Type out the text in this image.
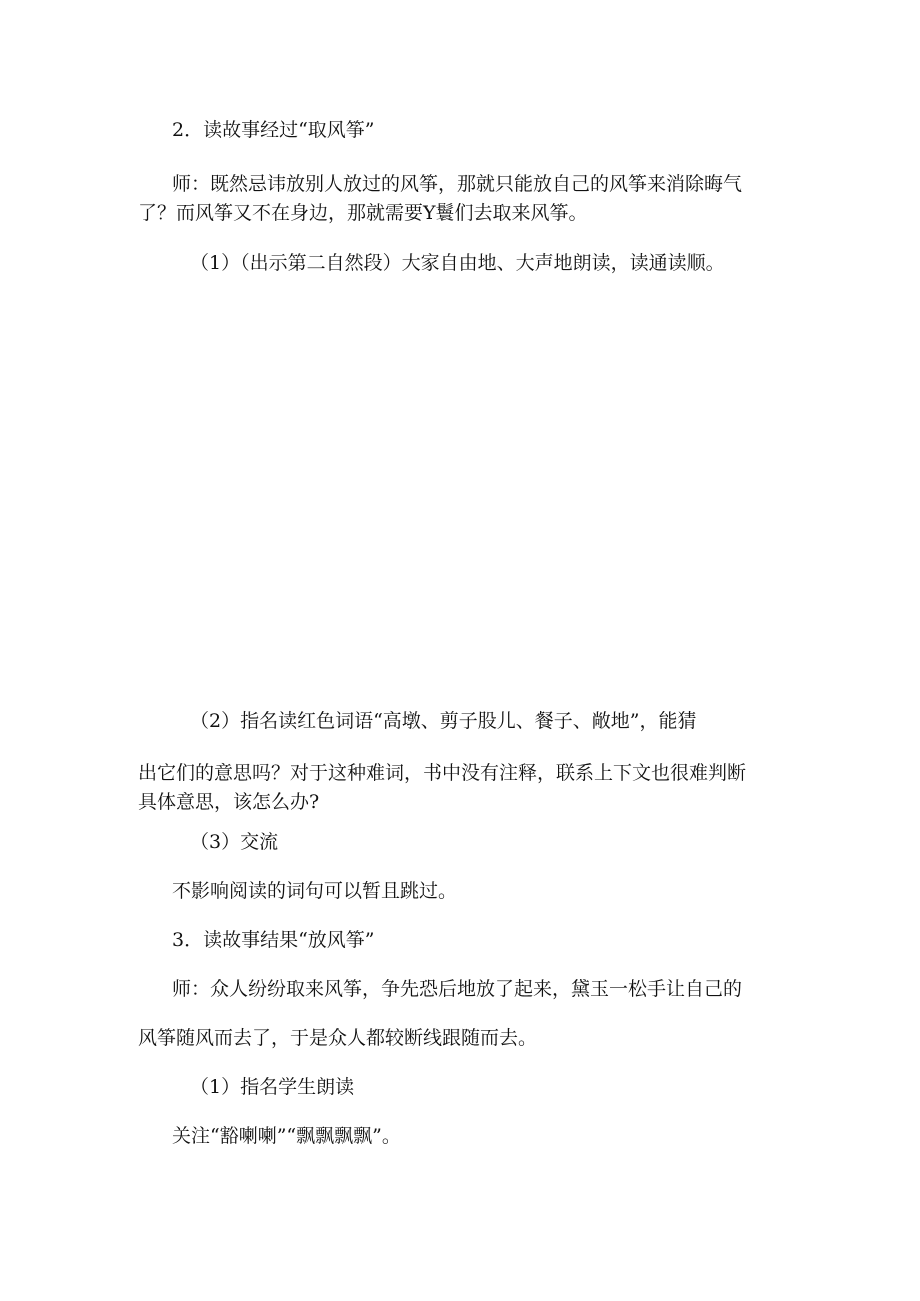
2．读故事经过“取风筝”

师：既然忌讳放别人放过的风筝，那就只能放自己的风筝来消除晦气

了？而风筝又不在身边，那就需要Y鬟们去取来风筝。

（1）（出示第二自然段）大家自由地、大声地朗读，读通读顺。

（2）指名读红色词语“高墩、剪子股儿、餐子、敞地”，能猜

出它们的意思吗？对于这种难词，书中没有注释，联系上下文也很难判断

具体意思，该怎么办?

（3）交流

不影响阅读的词句可以暂且跳过。

3．读故事结果“放风筝”

师：众人纷纷取来风筝，争先恐后地放了起来，黛玉一松手让自己的

风筝随风而去了，于是众人都较断线跟随而去。

（1）指名学生朗读

关注“豁喇喇”“飘飘飘飘”。
